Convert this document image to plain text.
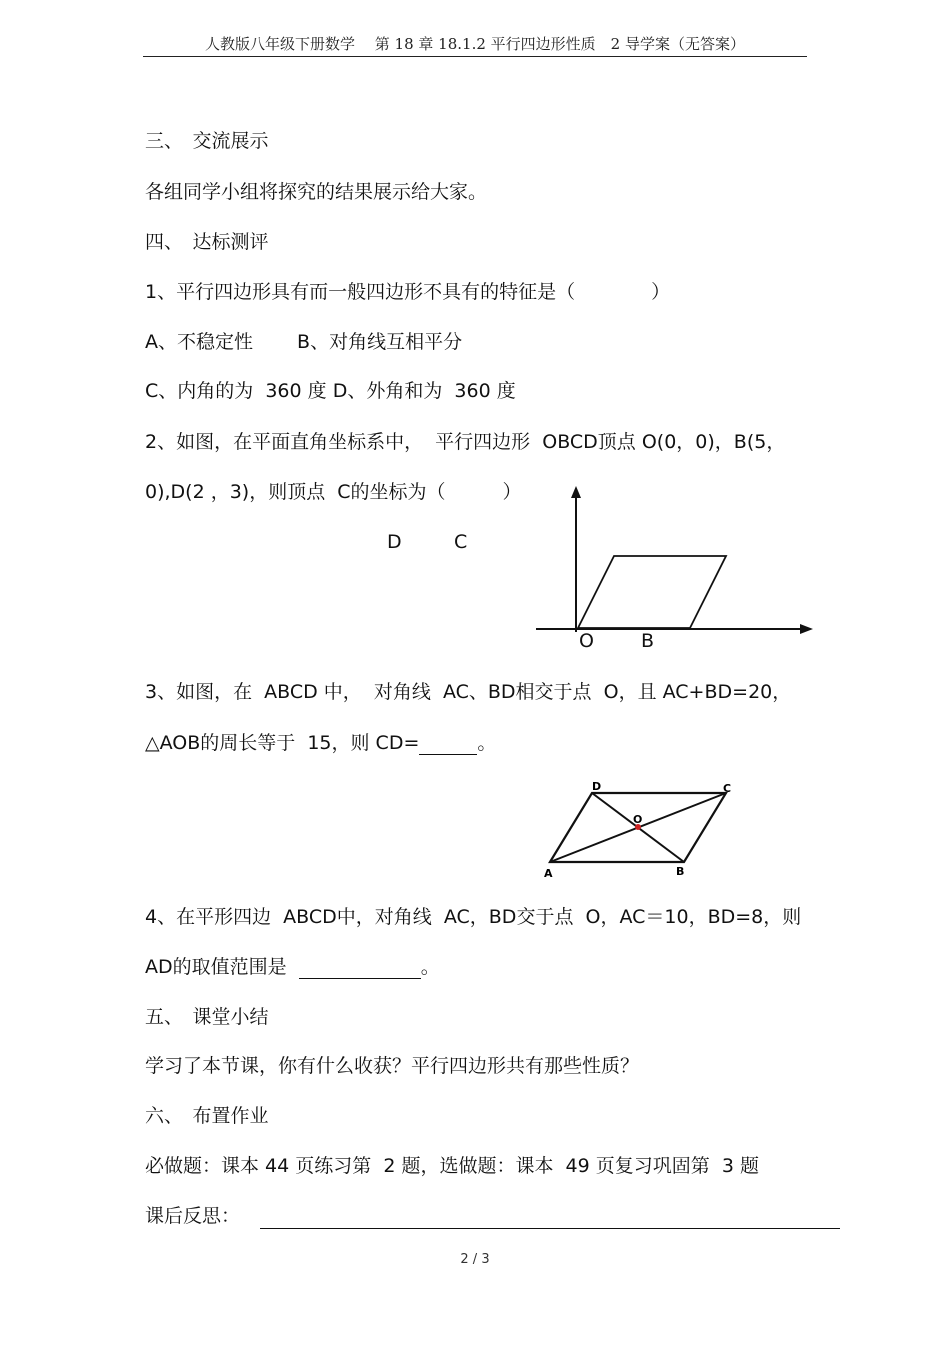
人教版八年级下册数学　 第 18 章 18.1.2 平行四边形性质　2 导学案（无答案）
三、　交流展示
各组同学小组将探究的结果展示给大家。
四、　达标测评
1、平行四边形具有而一般四边形不具有的特征是（　　　　）
A、不稳定性　　 B、对角线互相平分
C、内角的为  360 度 D、外角和为  360 度
2、如图，在平面直角坐标系中，  平行四边形  OBCD顶点 O(0，0)，B(5，
0),D(2 ，3)，则顶点  C的坐标为（　　　）
D	C
O B
3、如图，在  ABCD 中，  对角线  AC、BD相交于点  O，且 AC+BD=20，
△AOB的周长等于  15，则 CD=	。
A	B
C
D
O
4、在平形四边  ABCD中，对角线  AC，BD交于点  O，AC＝10，BD=8，则
AD的取值范围是	。
五、　课堂小结
学习了本节课，你有什么收获？平行四边形共有那些性质？
六、　布置作业
必做题：课本 44 页练习第  2 题，选做题：课本  49 页复习巩固第  3 题
课后反思：
2 / 3
